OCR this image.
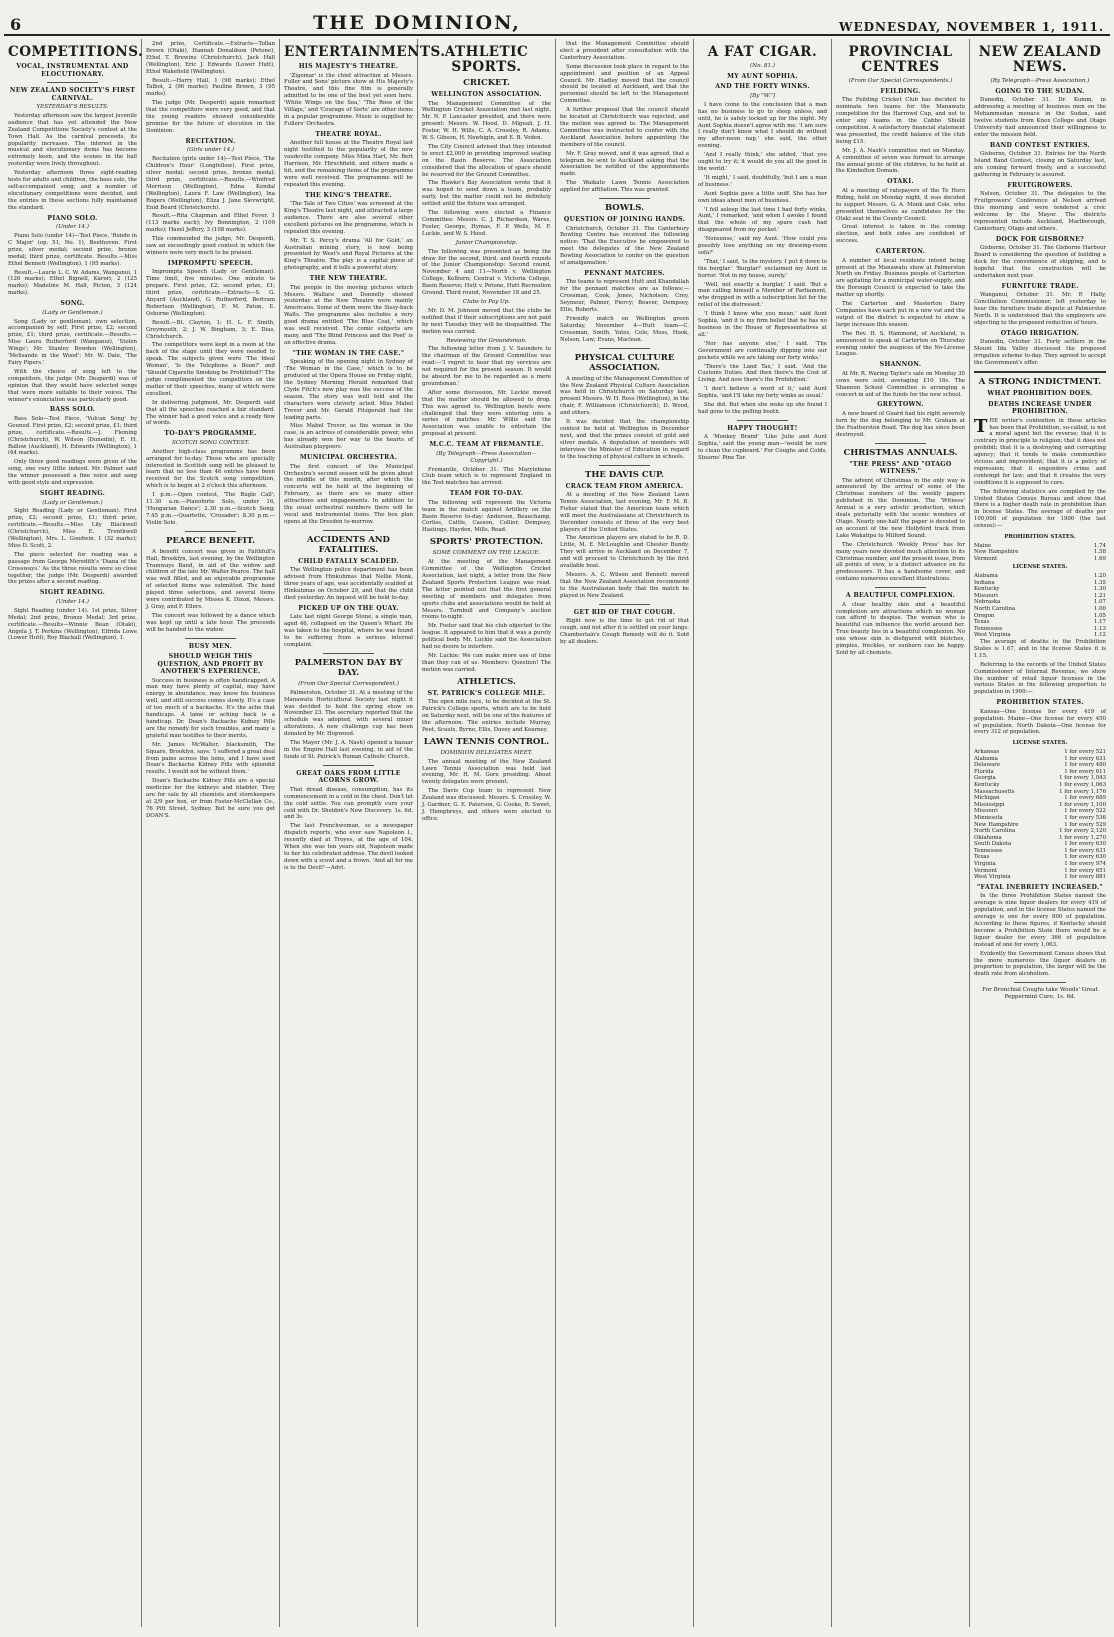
6	THE DOMINION,	WEDNESDAY, NOVEMBER 1, 1911.
COMPETITIONS.
VOCAL, INSTRUMENTAL AND ELOCUTIONARY.
NEW ZEALAND SOCIETY'S FIRST CARNIVAL.
YESTERDAY'S RESULTS.

Yesterday afternoon saw the largest juvenile audience that has yet attended the New Zealand Competitions Society's contest at the Town Hall. As the carnival proceeds, its popularity increases. The interest in the musical and elocutionary items has become extremely keen, and the scenes in the hall yesterday were lively throughout.

Yesterday afternoon three sight-reading tests for adults and children, the bass solo, the self-accompanied song, and a number of elocutionary competitions were decided, and the entries in these sections fully maintained the standard.

PIANO SOLO.
(Under 14.)

Piano Solo (under 14)—Test Piece, 'Rondo in C Major' (op. 51, No. 1), Beethoven. First prize, silver medal; second prize, bronze medal; third prize, certificate. Results.—Miss Ethel Bennett (Wellington), 1 (95 marks).

Result.—Laurie L. C. W. Adams, Wanganui, 1 (126 marks); Ethel Bignell, Karori, 2 (125 marks); Madeline M. Hall, Picton, 3 (124 marks).

SONG.
(Lady or Gentleman.)

Song (Lady or gentleman), own selection, accompanied by self. First prize, £2; second prize, £1; third prize, certificate.—Results.—Miss Laura Rutherford (Wanganui), 'Stolen Wings'; Mr. Stanley Bowden (Wellington), 'Melisande in the Wood'; Mr. W. Dale, 'The Fairy Pipers.'

With the choice of song left to the competitors, the judge (Mr. Desperdi) was of opinion that they would have selected songs that were more suitable to their voices. The winner's enunciation was particularly good.

BASS SOLO.

Bass Solo—Test Piece, 'Vulcan Song' by Gounod. First prize, £2; second prize, £1; third prize, certificate.—Results.—J. Fleming (Christchurch), W. Wilson (Dunedin), E. H. Ballow (Auckland), H. Edwards (Wellington), 1 (64 marks).

Only three good readings were given of the song, one very little indeed. Mr. Palmer said the winner possessed a fine voice and sang with good style and expression.

SIGHT READING.
(Lady or Gentleman.)

Sight Reading (Lady or Gentleman). First prize, £2; second prize, £1; third prize, certificate.—Results.—Miss Lily Blackwell (Christchurch), Miss E. Trenthwell (Wellington), Mrs. L. Goodwin, 1 (32 marks); Miss D. Scott, 2.

The piece selected for reading was a passage from George Meredith's 'Diana of the Crossways.' As the three results were so close together, the judge (Mr. Desperdi) awarded the prizes after a second reading.

SIGHT READING.
(Under 14.)

Sight Reading (under 14). 1st prize, Silver Medal; 2nd prize, Bronze Medal; 3rd prize, certificate.—Results—Winnie Bean (Otaki), Angela J. T. Perkins (Wellington), Elfrida Lowe (Lower Hutt), Roy Blackall (Wellington), 1.

2nd prize, Certificate.—Extracts—Tollan Brown (Otaki), Hannah Donaldson (Petone), Ethel T. Brewins (Christchurch), Jack Hall (Wellington), Eric J. Edwards (Lower Hutt), Ethel Wakefield (Wellington).

Result.—Harry Hall, 1 (98 marks); Ethel Talbot, 2 (96 marks); Pauline Brown, 3 (95 marks).

The judge (Mr. Desperdi) again remarked that the competitors were very good, and that the young readers showed considerable promise for the future of elocution in the Dominion.

RECITATION.
(Girls under 14.)

Recitation (girls under 14)—Test Piece, 'The Children's Hour' (Longfellow). First prize, silver medal; second prize, bronze medal; third prize, certificate.—Results.—Winifred Morrison (Wellington), Edna Kendal (Wellington), Laura F. Law (Wellington), Ina Rogers (Wellington), Eliza J. Jane Sievwright, Enid Beard (Christchurch).

Result.—Rita Chapman and Ethel Fever, 1 (113 marks each); Ivy Bonnington, 2 (109 marks); Hazel Jeffery, 3 (108 marks).

This commended the judge, Mr. Desperdi, saw an exceedingly good contest in which the winners were very much to be praised.

IMPROMPTU SPEECH.

Impromptu Speech (Lady or Gentleman). Time limit, five minutes. One minute to prepare. First prize, £2; second prize, £1; third prize, certificate.—Extracts—S. G. Anyard (Auckland), G. Rutherford, Bertram Robertson (Wellington), F. M. Paton, E. Osborne (Wellington).

Result.—Bt. Clayton, 1; H. L. F. Smith, Greymouth, 2; J. W. Bingham, 3; E. Dias, Christchurch.

The competitors were kept in a room at the back of the stage until they were needed to speak. The subjects given were 'The Ideal Woman', 'Is the Telephone a Boon?' and 'Should Cigarette Smoking be Prohibited?' The judge complimented the competitors on the matter of their speeches, many of which were excellent.

In delivering judgment, Mr. Desperdi said that all the speeches reached a fair standard. The winner had a good voice and a ready flow of words.

TO-DAY'S PROGRAMME.
SCOTCH SONG CONTEST.

Another high-class programme has been arranged for to-day. Those who are specially interested in Scottish song will be pleased to learn that no less than 46 entries have been received for the Scotch song competition, which is to begin at 2 o'clock this afternoon.

1 p.m.—Open contest, 'The Bugle Call'; 11.30 a.m.—Pianoforte Solo, under 16, 'Hungarian Dance'; 2.30 p.m.—Scotch Song; 7.45 p.m.—Quartette, 'Crusader'; 8.30 p.m.—Violin Solo.

PEARCE BENEFIT.

A benefit concert was given in Faithfull's Hall, Brooklyn, last evening, by the Wellington Tramways Band, in aid of the widow and children of the late Mr. Walter Pearce. The hall was well filled, and an enjoyable programme of selected items was submitted. The band played three selections, and several items were contributed by Misses K. Dixon, Messrs. J. Gray, and F. Ellers.

The concert was followed by a dance which was kept up until a late hour. The proceeds will be handed to the widow.

BUSY MEN.
SHOULD WEIGH THIS QUESTION, AND PROFIT BY ANOTHER'S EXPERIENCE.

Success in business is often handicapped. A man may have plenty of capital, may have energy in abundance, may know his business well, and still success comes slowly. It's a case of too much of a backache. It's the ache that handicaps. A lame or aching back is a handicap. Dr. Doan's Backache Kidney Pills are the remedy for such troubles, and many a grateful man testifies to their merits.

Mr. James McWalter, blacksmith, The Square, Brooklyn, says: 'I suffered a great deal from pains across the loins, and I have used Doan's Backache Kidney Pills with splendid results. I would not be without them.'

Doan's Backache Kidney Pills are a special medicine for the kidneys and bladder. They are for sale by all chemists and storekeepers at 2/9 per box, or from Foster-McClellan Co., 76 Pitt Street, Sydney. But be sure you get DOAN'S.

ENTERTAINMENTS.
HIS MAJESTY'S THEATRE.

'Zigomar' is the chief attraction at Messrs. Fuller and Sons' picture show at His Majesty's Theatre, and this fine film is generally admitted to be one of the best yet seen here. 'White Wings on the Sea,' 'The Rose of the Village,' and 'Courage of Sorts' are other items in a popular programme. Music is supplied by Fullers' Orchestra.

THEATRE ROYAL.

Another full house at the Theatre Royal last night testified to the popularity of the new vaudeville company. Miss Mina Hart, Mr. Bert Harrison, Mr. Hirschfield, and others made a hit, and the remaining items of the programme were well received. The programme will be repeated this evening.

THE KING'S THEATRE.

'The Tale of Two Cities' was screened at the King's Theatre last night, and attracted a large audience. There are also several other excellent pictures on the programme, which is repeated this evening.

Mr. T. S. Percy's drama 'All for Gold,' an Australian mining story, is now being presented by West's and Royal Pictures at the King's Theatre. The play is a capital piece of photography, and it tells a powerful story.

THE NEW THEATRE.

The people in the moving pictures which Messrs. Wallace and Donnelly showed yesterday at the New Theatre were mainly Americans. Some of them were the Sissy-back Walts. The programme also includes a very good drama entitled 'The Blue Coat,' which was well received. The comic subjects are many, and 'The Blind Princess and the Poet' is an effective drama.

"THE WOMAN IN THE CASE."

Speaking of the opening night in Sydney of 'The Woman in the Case,' which is to be produced at the Opera House on Friday night, the Sydney Morning Herald remarked that Clyde Fitch's new play was the success of the season. The story was well told and the characters were cleverly acted. Miss Mabel Trevor and Mr. Gerald Fitzgerald had the leading parts.

Miss Mabel Trevor, as the woman in the case, is an actress of considerable power, who has already won her way to the hearts of Australian playgoers.

MUNICIPAL ORCHESTRA.

The first concert of the Municipal Orchestra's second season will be given about the middle of this month, after which the concerts will be held at the beginning of February, as there are so many other attractions and engagements. In addition to the usual orchestral numbers there will be vocal and instrumental items. The box plan opens at the Dresden to-morrow.

ACCIDENTS AND FATALITIES.
CHILD FATALLY SCALDED.

The Wellington police department has been advised from Hinkuhmas that Nellie Monk, three years of age, was accidentally scalded at Hinkuhmas on October 29, and that the child died yesterday. An inquest will be held to-day.

PICKED UP ON THE QUAY.

Late last night George Stone, a single man, aged 46, collapsed on the Queen's Wharf. He was taken to the hospital, where he was found to be suffering from a serious internal complaint.

PALMERSTON DAY BY DAY.
(From Our Special Correspondent.)

Palmerston, October 31. At a meeting of the Manawatu Horticultural Society last night it was decided to hold the spring show on November 23. The secretary reported that the schedule was adopted, with several minor alterations. A new challenge cup has been donated by Mr. Hopwood.

The Mayor (Mr. J. A. Nash) opened a bazaar in the Empire Hall last evening, in aid of the funds of St. Patrick's Roman Catholic Church.

GREAT OAKS FROM LITTLE ACORNS GROW.

That dread disease, consumption, has its commencement in a cold in the chest. Don't let the cold settle. You can promptly cure your cold with Dr. Sheldon's New Discovery. 1s. 6d. and 3s.

The last Frenchwoman, so a newspaper dispatch reports, who ever saw Napoleon I., recently died at Troyes, at the age of 104. When she was ten years old, Napoleon made to her his celebrated address. The devil looked down with a scowl and a frown. 'And all for me is to the Devil!'—Advt.

ATHLETIC SPORTS.
CRICKET.
WELLINGTON ASSOCIATION.

The Management Committee of the Wellington Cricket Association met last night. Mr. N. P. Lancaster presided, and there were present: Messrs. W. Hood, D. Miguali, J. H. Foster, W. H. Wills, C. A. Crossley, R. Adams, W. S. Gibson, H. Newbigin, and E. B. Voden.

The City Council advised that they intended to erect £2,000 in providing improved seating on the Basin Reserve. The Association considered that the allocation of space should be reserved for the Ground Committee.

The Hawke's Bay Association wrote that it was hoped to send down a team, probably early, but the matter could not be definitely settled until the fixture was arranged.

The following were elected a Finance Committee: Messrs. C. J. Richardson, Wares, Foster, George, Hymas, F. P. Wells, M. F. Luckie, and W. S. Hood.

Junior Championship.

The following was presented as being the draw for the second, third, and fourth rounds of the Junior Championship: Second round, November 4 and 11—North v. Wellington College, Kelburn; Central v. Victoria College, Basin Reserve; Hutt v. Petone, Hutt Recreation Ground. Third round, November 18 and 25.

Clubs to Pay Up.

Mr. D. M. Johnson moved that the clubs be notified that if their subscriptions are not paid by next Tuesday they will be disqualified. The motion was carried.

Reviewing the Groundsman.

The following letter from J. V. Saunders to the chairman of the Ground Committee was read:—'I regret to hear that my services are not required for the present season. It would be absurd for me to be regarded as a mere groundsman.'

After some discussion, Mr. Luckie moved that the matter should be allowed to drop. This was agreed to. Wellington bowls were challenged that they were entering into a series of matches. Mr. Willis said the Association was unable to entertain the proposal at present.

M.C.C. TEAM AT FREMANTLE.
(By Telegraph—Press Association—Copyright.)

Fremantle, October 31. The Marylebone Club team which is to represent England in the Test matches has arrived.

TEAM FOR TO-DAY.

The following will represent the Victoria team in the match against Artillery on the Basin Reserve to-day: Anderson, Beauchamp, Corliss, Cattle, Casson, Collier, Dempsey, Hastings, Hayden, Mills, Read.

SPORTS' PROTECTION.
SOME COMMENT ON THE LEAGUE.

At the meeting of the Management Committee of the Wellington Cricket Association, last night, a letter from the New Zealand Sports Protection League was read. The letter pointed out that the first general meeting of members and delegates from sports clubs and associations would be held at Messrs. Turnbull and Company's auction rooms to-night.

Mr. Foster said that his club objected to the league. It appeared to him that it was a purely political body. Mr. Luckie said the Association had no desire to interfere.

Mr. Luckie: We can make more use of time than they can of us. Members: Question! The motion was carried.

ATHLETICS.
ST. PATRICK'S COLLEGE MILE.

The open mile race, to be decided at the St. Patrick's College sports, which are to be held on Saturday next, will be one of the features of the afternoon. The entries include Murray, Peet, Sceats, Byrne, Ellis, Davey and Kearney.

LAWN TENNIS CONTROL.
DOMINION DELEGATES MEET.

The annual meeting of the New Zealand Lawn Tennis Association was held last evening, Mr. H. M. Gore presiding. About twenty delegates were present.

The Davis Cup team to represent New Zealand was discussed. Messrs. S. Crossley, W. J. Gardner, G. E. Paterson, G. Cooke, R. Sweet, J. Humphreys, and others were elected to office.

that the Management Committee should elect a president after consultation with the Canterbury Association.

Some discussion took place in regard to the appointment and position of an Appeal Council. Mr. Hadley moved that the council should be located at Auckland, and that the personnel should be left to the Management Committee.

A further proposal that the council should be located at Christchurch was rejected, and the motion was agreed to. The Management Committee was instructed to confer with the Auckland Association before appointing the members of the council.

Mr. F. Gray moved, and it was agreed, that a telegram be sent to Auckland asking that the Association be notified of the appointments made.

The Waikato Lawn Tennis Association applied for affiliation. This was granted.

BOWLS.
QUESTION OF JOINING HANDS.

Christchurch, October 31. The Canterbury Bowling Centre has received the following notice: 'That the Executive be empowered to meet the delegates of the New Zealand Bowling Association to confer on the question of amalgamation.'

PENNANT MATCHES.

The teams to represent Hutt and Khandallah for the pennant matches are as follows:—Crossman, Cook, Jones, Nicholson; Crey, Seymour, Palmer, Piercy; Beaver, Dempsey, Ellis, Roberts.

Friendly match on Wellington green Saturday, November 4—Hutt team—C. Crossman, Smith, Yates, Cole; Moss, Hook, Nelson, Law; Evans, Maclean.

PHYSICAL CULTURE ASSOCIATION.

A meeting of the Management Committee of the New Zealand Physical Culture Association was held in Christchurch on Saturday last, present Messrs. W. H. Ross (Wellington), in the chair, F. Williamson (Christchurch), D. Wood, and others.

It was decided that the championship contest be held at Wellington in December next, and that the prizes consist of gold and silver medals. A deputation of members will interview the Minister of Education in regard to the teaching of physical culture in schools.

THE DAVIS CUP.
CRACK TEAM FROM AMERICA.

At a meeting of the New Zealand Lawn Tennis Association, last evening, Mr. F. M. B. Fisher stated that the American team which will meet the Australasians at Christchurch in December consists of three of the very best players of the United States.

The American players are stated to be R. D. Little, M. E. McLoughlin and Chester Bundy. They will arrive in Auckland on December 7, and will proceed to Christchurch by the first available boat.

Messrs. A. C. Wilson and Bennett moved that the New Zealand Association recommend to the Australasian body that the match be played in New Zealand.

GET RID OF THAT COUGH.

Right now is the time to get rid of that cough, and not after it is settled on your lungs. Chamberlain's Cough Remedy will do it. Sold by all dealers.

A FAT CIGAR.
(No. 81.)
MY AUNT SOPHIA.
AND THE FORTY WINKS.
[By "W."]

I have come to the conclusion that a man has no business to go to sleep unless, and until, he is safely locked up for the night. My Aunt Sophia doesn't agree with me. 'I am sure I really don't know what I should do without my after-noon nap,' she said, the other evening.

'And I really think,' she added, 'that you ought to try it; it would do you all the good in the world.'

'It might,' I said, doubtfully, 'but I am a man of business.'

Aunt Sophia gave a little sniff. She has her own ideas about men of business.

'I fell asleep the last time I had forty winks, Aunt,' I remarked, 'and when I awoke I found that the whole of my spare cash had disappeared from my pocket.'

'Nonsense,' said my Aunt. 'How could you possibly lose anything on my drawing-room sofa?'

'That,' I said, 'is the mystery. I put it down to the burglar.' 'Burglar!' exclaimed my Aunt in horror. 'Not in my house, surely.'

'Well, not exactly a burglar,' I said. 'But a man calling himself a Member of Parliament, who dropped in with a subscription list for the relief of the distressed.'

'I think I know who you mean,' said Aunt Sophia, 'and it is my firm belief that he has no business in the House of Representatives at all.'

'Nor has anyone else,' I said. 'The Government are continually dipping into our pockets while we are taking our forty winks.'

'There's the Land Tax,' I said. 'And the Customs Duties. And then there's the Cost of Living. And now there's the Prohibition.'

'I don't believe a word of it,' said Aunt Sophia, 'and I'll take my forty winks as usual.'

She did. But when she woke up she found I had gone to the polling booth.

HAPPY THOUGHT!

A 'Monkey Brand' 'Like Julie and Aunt Sophia,' said the young man—'would be sure to clean the cupboard.' For Coughs and Colds, Stearns' Pine Tar.

PROVINCIAL CENTRES
(From Our Special Correspondents.)
FEILDING.

The Feilding Cricket Club has decided to nominate two teams for the Manawatu competition for the Harrowd Cup, and not to enter any teams in the Cabbo Shield competition. A satisfactory financial statement was presented, the credit balance of the club being £15.

Mr. J. A. Nash's committee met on Monday. A committee of seven was formed to arrange the annual picnic of the children, to be held at the Kimbolton Domain.

OTAKI.

At a meeting of ratepayers of the Te Horo Riding, held on Monday night, it was decided to support Messrs. G. A. Monk and Cole, who presented themselves as candidates for the Otaki seat in the County Council.

Great interest is taken in the coming election, and both sides are confident of success.

CARTERTON.

A number of local residents intend being present at the Manawatu show at Palmerston North on Friday. Business people of Carterton are agitating for a municipal water-supply, and the Borough Council is expected to take the matter up shortly.

The Carterton and Masterton Dairy Companies have each put in a new vat and the output of the district is expected to show a large increase this season.

The Rev. H. S. Hammond, of Auckland, is announced to speak at Carterton on Thursday evening under the auspices of the No-License League.

SHANNON.

At Mr. R. Waring Taylor's sale on Monday 30 cows were sold, averaging £10 18s. The Shannon School Committee is arranging a concert in aid of the funds for the new school.

GREYTOWN.

A new board of Guard had his right severely torn by the dog belonging to Mr. Graham at the Featherston Road. The dog has since been destroyed.

CHRISTMAS ANNUALS.
"THE PRESS" AND "OTAGO WITNESS."

The advent of Christmas in the only way is announced by the arrival of some of the Christmas numbers of the weekly papers published in the Dominion. The 'Witness' Annual is a very artistic production, which deals pictorially with the scenic wonders of Otago. Nearly one-half the paper is devoted to an account of the new Hollyford track from Lake Wakatipu to Milford Sound.

The Christchurch 'Weekly Press' has for many years now devoted much attention to its Christmas number, and the present issue, from all points of view, is a distinct advance on its predecessors. It has a handsome cover, and contains numerous excellent illustrations.

A BEAUTIFUL COMPLEXION.

A clear healthy skin and a beautiful complexion are attractions which no woman can afford to despise. The woman who is beautiful can influence the world around her. True beauty lies in a beautiful complexion. No one whose skin is disfigured with blotches, pimples, freckles, or sunburn can be happy. Sold by all chemists.

NEW ZEALAND NEWS.
(By Telegraph—Press Association.)
GOING TO THE SUDAN.

Dunedin, October 31. Dr. Kumm, in addressing a meeting of business men on the Mohammedan menace in the Sudan, said twelve students from Knox College and Otago University had announced their willingness to enter the mission field.

BAND CONTEST ENTRIES.

Gisborne, October 31. Entries for the North Island Band Contest, closing on Saturday last, are coming forward freely, and a successful gathering in February is assured.

FRUITGROWERS.

Nelson, October 31. The delegates to the Fruitgrowers' Conference at Nelson arrived this morning and were tendered a civic welcome by the Mayor. The districts represented include Auckland, Marlborough, Canterbury, Otago and others.

DOCK FOR GISBORNE?

Gisborne, October 31. The Gisborne Harbour Board is considering the question of building a dock for the convenience of shipping, and is hopeful that the construction will be undertaken next year.

FURNITURE TRADE.

Wanganui, October 31. Mr. P. Hally, Conciliation Commissioner, left yesterday to hear the furniture trade dispute at Palmerston North. It is understood that the employers are objecting to the proposed reduction of hours.

OTAGO IRRIGATION.

Dunedin, October 31. Forty settlers in the Mount Ida Valley discussed the proposed irrigation scheme to-day. They agreed to accept the Government's offer.

A STRONG INDICTMENT.
WHAT PROHIBITION DOES.
DEATHS INCREASE UNDER PROHIBITION.

THE writer's contention in these articles has been that Prohibition, so-called, is not a moral agent but the reverse; that it is contrary in principle to religion; that it does not prohibit; that it is a destroying and corrupting agency; that it tends to make communities vicious and improvident; that it is a policy of repression; that it engenders crime and contempt for law; and that it creates the very conditions it is supposed to cure.

The following statistics are compiled by the United States Census Bureau and show that there is a higher death rate in prohibition than in license States. The average of deaths per 100,000 of population for 1900 (the last census):—

PROHIBITION STATES.	
Maine	1.74
New Hampshire	1.58
Vermont	1.69
LICENSE STATES.	
Alabama	1.20
Indiana	1.35
Kentucky	1.30
Missouri	1.21
Nebraska	1.07
North Carolina	1.00
Oregon	1.05
Texas	1.17
Tennessee	1.13
West Virginia	1.12

The average of deaths in the Prohibition States is 1.67, and in the license States it is 1.15.

Referring to the records of the United States Commissioner of Internal Revenue, we show the number of retail liquor licenses in the various States in the following proportion to population in 1900:—

PROHIBITION STATES.

Kansas—One license for every 419 of population. Maine—One license for every 450 of population. North Dakota—One license for every 312 of population.

LICENSE STATES.	
Arkansas	1 for every 521
Alabama	1 for every 631
Delaware	1 for every 480
Florida	1 for every 611
Georgia	1 for every 1,043
Kentucky	1 for every 1,063
Massachusetts	1 for every 1,176
Michigan	1 for every 689
Mississippi	1 for every 1,100
Missouri	1 for every 522
Minnesota	1 for every 536
New Hampshire	1 for every 529
North Carolina	1 for every 2,120
Oklahoma	1 for every 1,270
South Dakota	1 for every 630
Tennessee	1 for every 631
Texas	1 for every 630
Virginia	1 for every 974
Vermont	1 for every 651
West Virginia	1 for every 881
"FATAL INEBRIETY INCREASED."

In the three Prohibition States named the average is nine liquor dealers for every 419 of population, and in the license States named the average is one for every 800 of population. According to these figures, if Kentucky should become a Prohibition State there would be a liquor dealer for every 366 of population instead of one for every 1,063.

Evidently the Government Census shows that the more numerous the liquor dealers in proportion to population, the larger will be the death rate from alcoholism.

For Bronchial Coughs take Woods' Great Peppermint Cure, 1s. 6d.
